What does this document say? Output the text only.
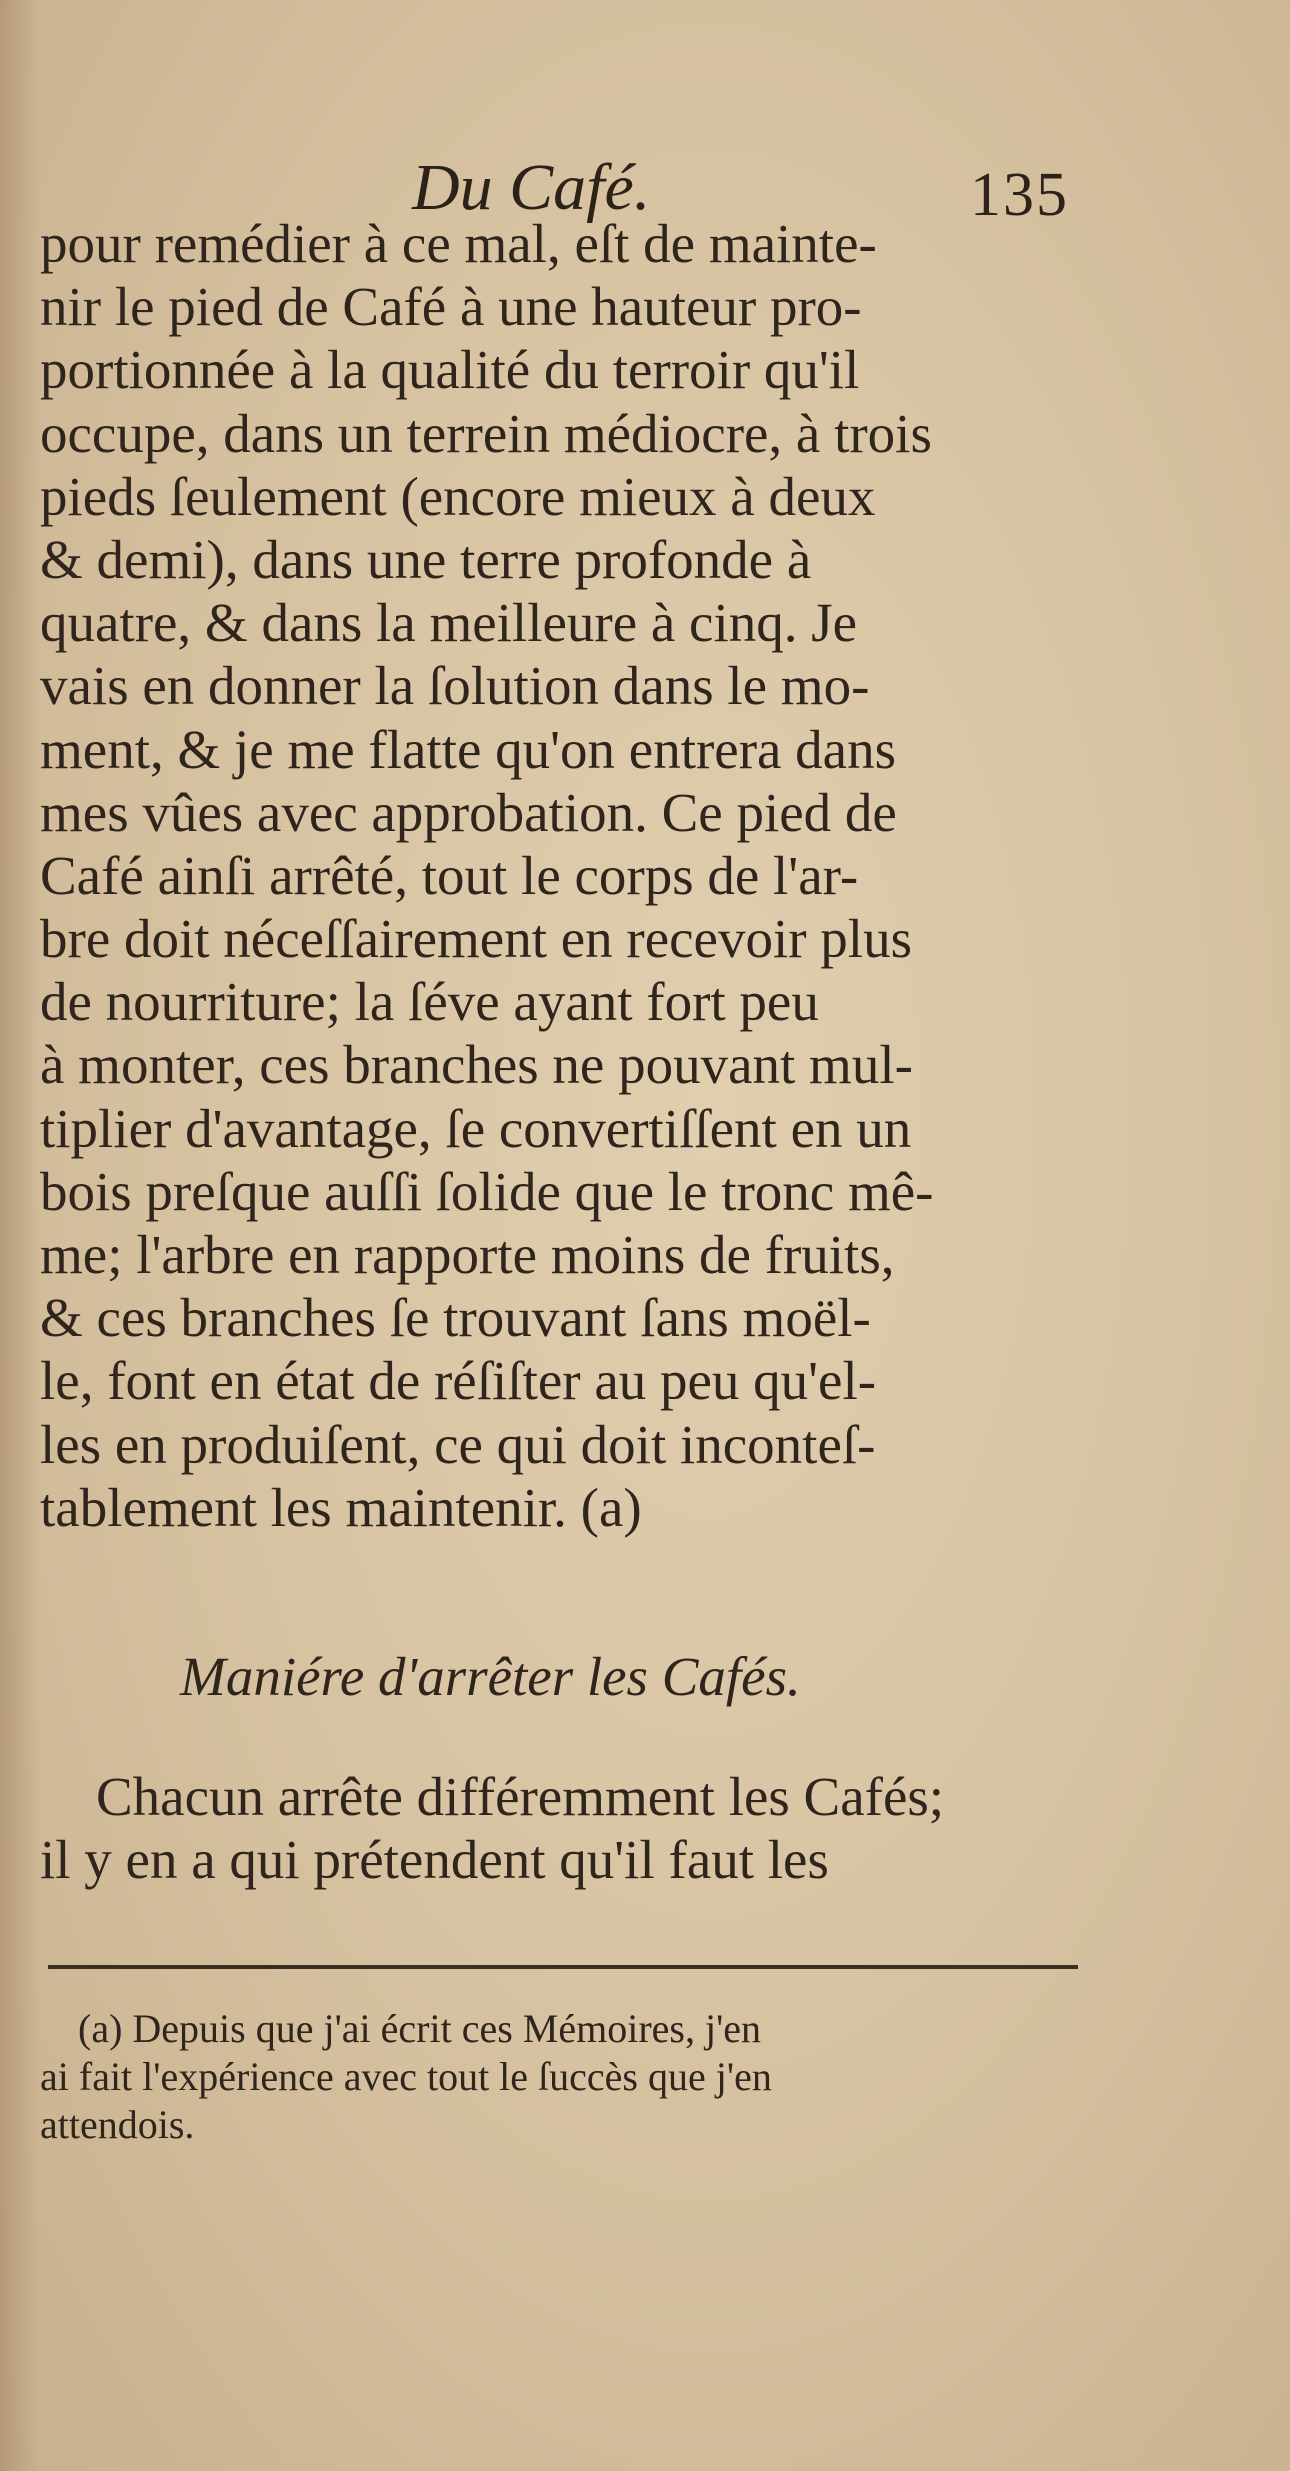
Du Café.	135
pour remédier à ce mal, eſt de mainte-
nir le pied de Café à une hauteur pro-
portionnée à la qualité du terroir qu'il
occupe, dans un terrein médiocre, à trois
pieds ſeulement (encore mieux à deux
& demi), dans une terre profonde à
quatre, & dans la meilleure à cinq. Je
vais en donner la ſolution dans le mo-
ment, & je me flatte qu'on entrera dans
mes vûes avec approbation. Ce pied de
Café ainſi arrêté, tout le corps de l'ar-
bre doit néceſſairement en recevoir plus
de nourriture; la ſéve ayant fort peu
à monter, ces branches ne pouvant mul-
tiplier d'avantage, ſe convertiſſent en un
bois preſque auſſi ſolide que le tronc mê-
me; l'arbre en rapporte moins de fruits,
& ces branches ſe trouvant ſans moël-
le, font en état de réſiſter au peu qu'el-
les en produiſent, ce qui doit inconteſ-
tablement les maintenir. (a)
Maniére d'arrêter les Cafés.
Chacun arrête différemment les Cafés;
il y en a qui prétendent qu'il faut les
(a) Depuis que j'ai écrit ces Mémoires, j'en
ai fait l'expérience avec tout le ſuccès que j'en
attendois.
